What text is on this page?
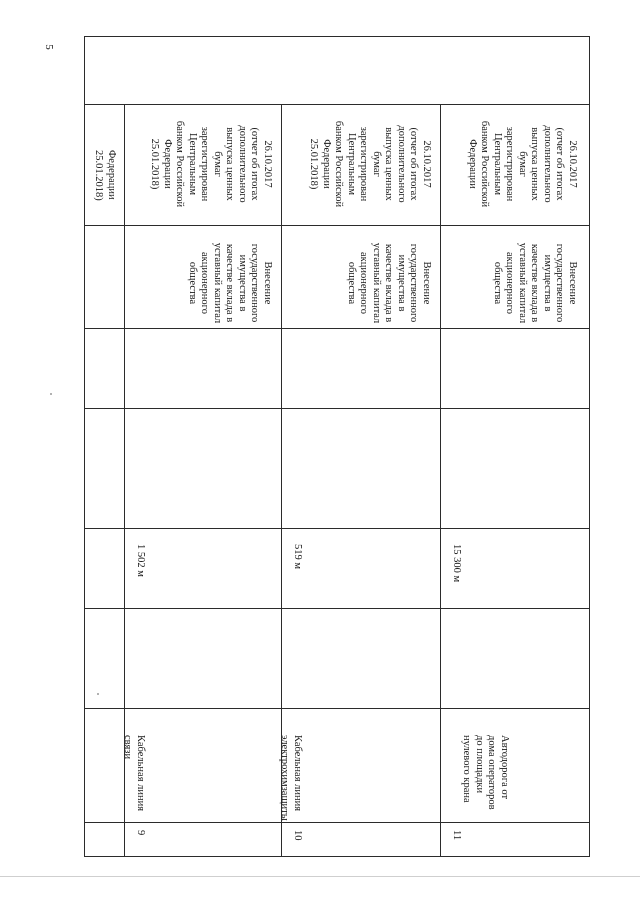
5
Кабельная линия
связи
1 502 м
Внесение
государственного
имущества в
качестве вклада в
уставный капитал
акционерного
общества
26.10.2017
(отчет об итогах
дополнительного
выпуска ценных
бумаг
зарегистрирован
Центральным
банком Российской
Федерации
25.01.2018)
9
Федерации
25.01.2018)
Кабельная линия
электрохимзащиты
519 м
Внесение
государственного
имущества в
качестве вклада в
уставный капитал
акционерного
общества
26.10.2017
(отчет об итогах
дополнительного
выпуска ценных
бумаг
зарегистрирован
Центральным
банком Российской
Федерации
25.01.2018)
10
Автодорога от
дома операторов
до площадки
нулевого крана
15 300 м
Внесение
государственного
имущества в
качестве вклада в
уставный капитал
акционерного
общества
26.10.2017
(отчет об итогах
дополнительного
выпуска ценных
бумаг
зарегистрирован
Центральным
банком Российской
Федерации
11
